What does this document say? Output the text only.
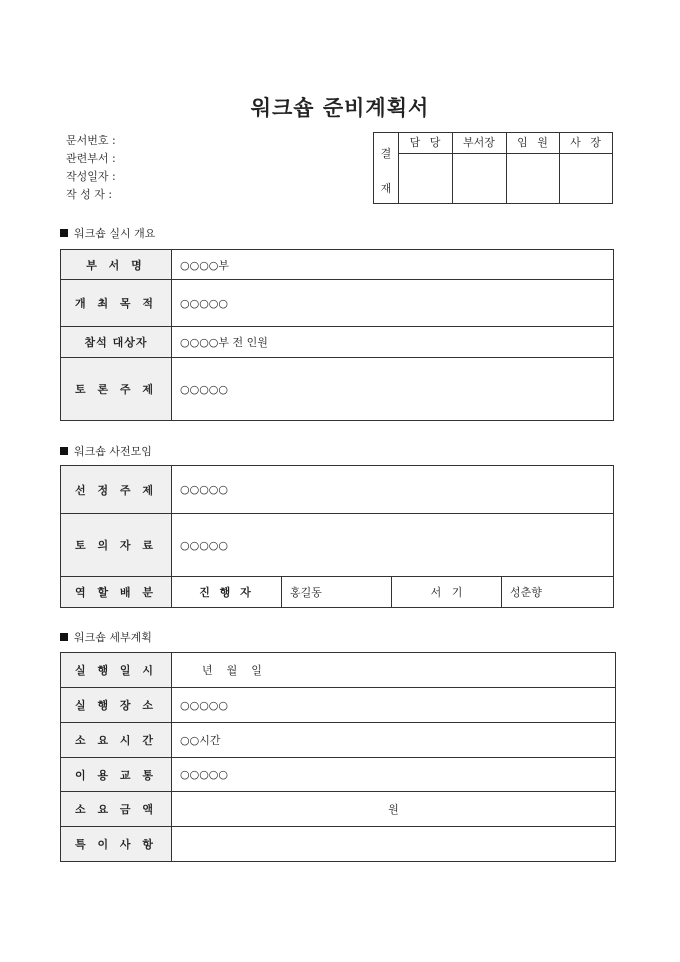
워크숍 준비계획서
문서번호 :
관련부서 :
작성일자 :
작 성 자 :
결
재
담 당	부서장	임 원	사 장
워크숍 실시 개요
부 서 명	○○○○부
개 최 목 적	○○○○○
참석 대상자	○○○○부 전 인원
토 론 주 제	○○○○○
워크숍 사전모임
선 정 주 제	○○○○○			
토 의 자 료	○○○○○			
역 할 배 분	진 행 자	홍길동	서   기	성춘향
워크숍 세부계획
실 행 일 시	년    월    일
실 행 장 소	○○○○○
소 요 시 간	○○시간
이 용 교 통	○○○○○
소 요 금 액	원
특 이 사 항	
